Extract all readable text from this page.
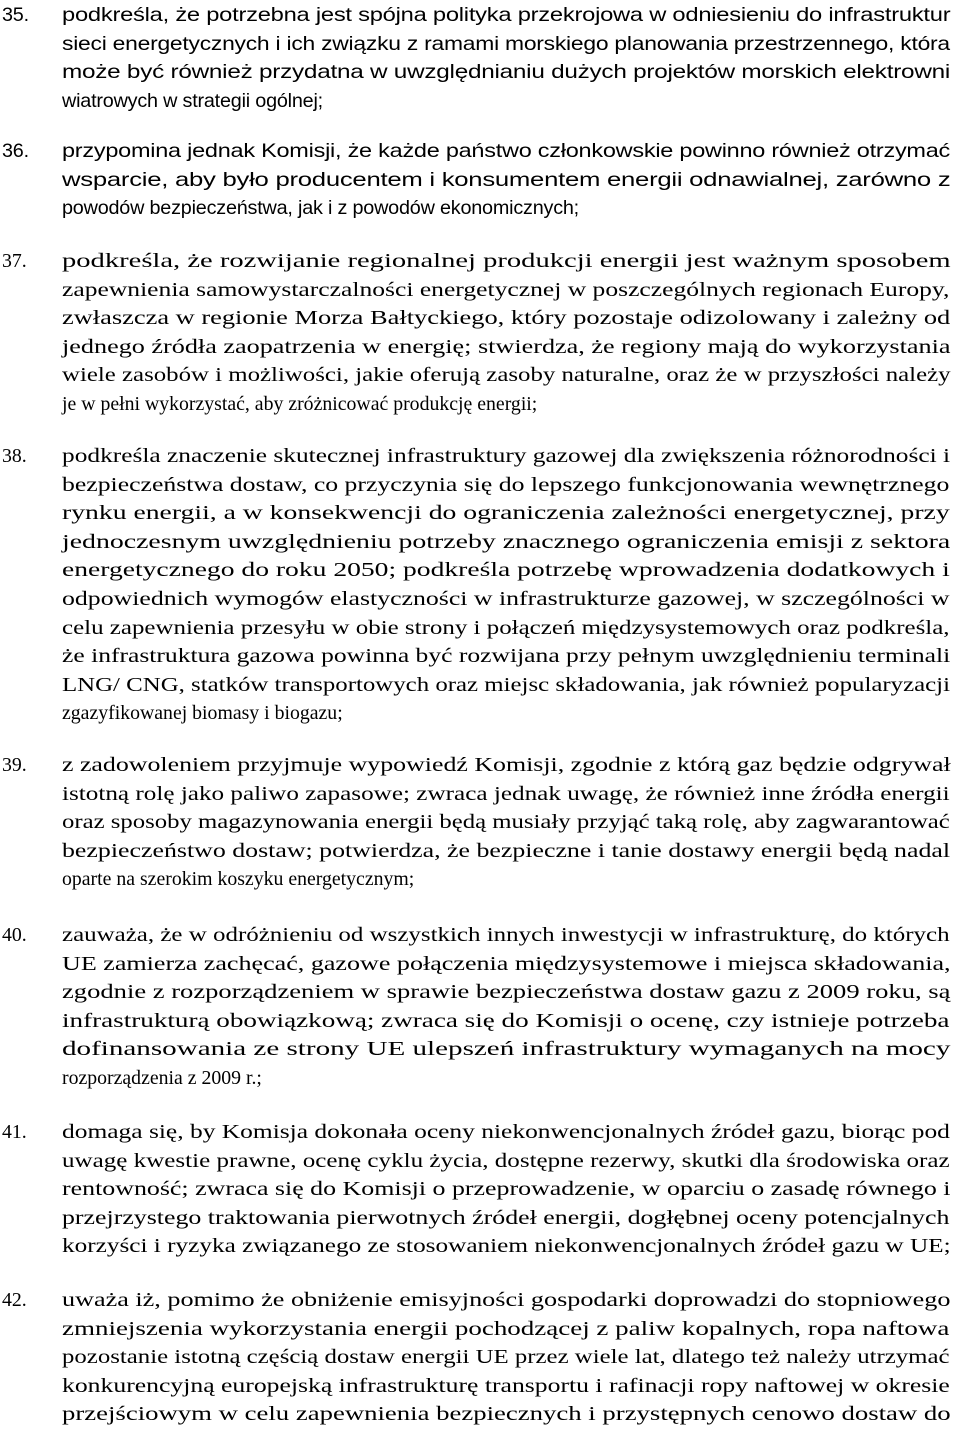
35.	podkreśla, że potrzebna jest spójna polityka przekrojowa w odniesieniu do infrastruktur
sieci energetycznych i ich związku z ramami morskiego planowania przestrzennego, która
może być również przydatna w uwzględnianiu dużych projektów morskich elektrowni
wiatrowych w strategii ogólnej;
36.	przypomina jednak Komisji, że każde państwo członkowskie powinno również otrzymać
wsparcie, aby było producentem i konsumentem energii odnawialnej, zarówno z
powodów bezpieczeństwa, jak i z powodów ekonomicznych;
37.	podkreśla, że rozwijanie regionalnej produkcji energii jest ważnym sposobem
zapewnienia samowystarczalności energetycznej w poszczególnych regionach Europy,
zwłaszcza w regionie Morza Bałtyckiego, który pozostaje odizolowany i zależny od
jednego źródła zaopatrzenia w energię; stwierdza, że regiony mają do wykorzystania
wiele zasobów i możliwości, jakie oferują zasoby naturalne, oraz że w przyszłości należy
je w pełni wykorzystać, aby zróżnicować produkcję energii;
38.	podkreśla znaczenie skutecznej infrastruktury gazowej dla zwiększenia różnorodności i
bezpieczeństwa dostaw, co przyczynia się do lepszego funkcjonowania wewnętrznego
rynku energii, a w konsekwencji do ograniczenia zależności energetycznej, przy
jednoczesnym uwzględnieniu potrzeby znacznego ograniczenia emisji z sektora
energetycznego do roku 2050; podkreśla potrzebę wprowadzenia dodatkowych i
odpowiednich wymogów elastyczności w infrastrukturze gazowej, w szczególności w
celu zapewnienia przesyłu w obie strony i połączeń międzysystemowych oraz podkreśla,
że infrastruktura gazowa powinna być rozwijana przy pełnym uwzględnieniu terminali
LNG/ CNG, statków transportowych oraz miejsc składowania, jak również popularyzacji
zgazyfikowanej biomasy i biogazu;
39.	z zadowoleniem przyjmuje wypowiedź Komisji, zgodnie z którą gaz będzie odgrywał
istotną rolę jako paliwo zapasowe; zwraca jednak uwagę, że również inne źródła energii
oraz sposoby magazynowania energii będą musiały przyjąć taką rolę, aby zagwarantować
bezpieczeństwo dostaw; potwierdza, że bezpieczne i tanie dostawy energii będą nadal
oparte na szerokim koszyku energetycznym;
40.	zauważa, że w odróżnieniu od wszystkich innych inwestycji w infrastrukturę, do których
UE zamierza zachęcać, gazowe połączenia międzysystemowe i miejsca składowania,
zgodnie z rozporządzeniem w sprawie bezpieczeństwa dostaw gazu z 2009 roku, są
infrastrukturą obowiązkową; zwraca się do Komisji o ocenę, czy istnieje potrzeba
dofinansowania ze strony UE ulepszeń infrastruktury wymaganych na mocy
rozporządzenia z 2009 r.;
41.	domaga się, by Komisja dokonała oceny niekonwencjonalnych źródeł gazu, biorąc pod
uwagę kwestie prawne, ocenę cyklu życia, dostępne rezerwy, skutki dla środowiska oraz
rentowność; zwraca się do Komisji o przeprowadzenie, w oparciu o zasadę równego i
przejrzystego traktowania pierwotnych źródeł energii, dogłębnej oceny potencjalnych
korzyści i ryzyka związanego ze stosowaniem niekonwencjonalnych źródeł gazu w UE;
42.	uważa iż, pomimo że obniżenie emisyjności gospodarki doprowadzi do stopniowego
zmniejszenia wykorzystania energii pochodzącej z paliw kopalnych, ropa naftowa
pozostanie istotną częścią dostaw energii UE przez wiele lat, dlatego też należy utrzymać
konkurencyjną europejską infrastrukturę transportu i rafinacji ropy naftowej w okresie
przejściowym w celu zapewnienia bezpiecznych i przystępnych cenowo dostaw do
